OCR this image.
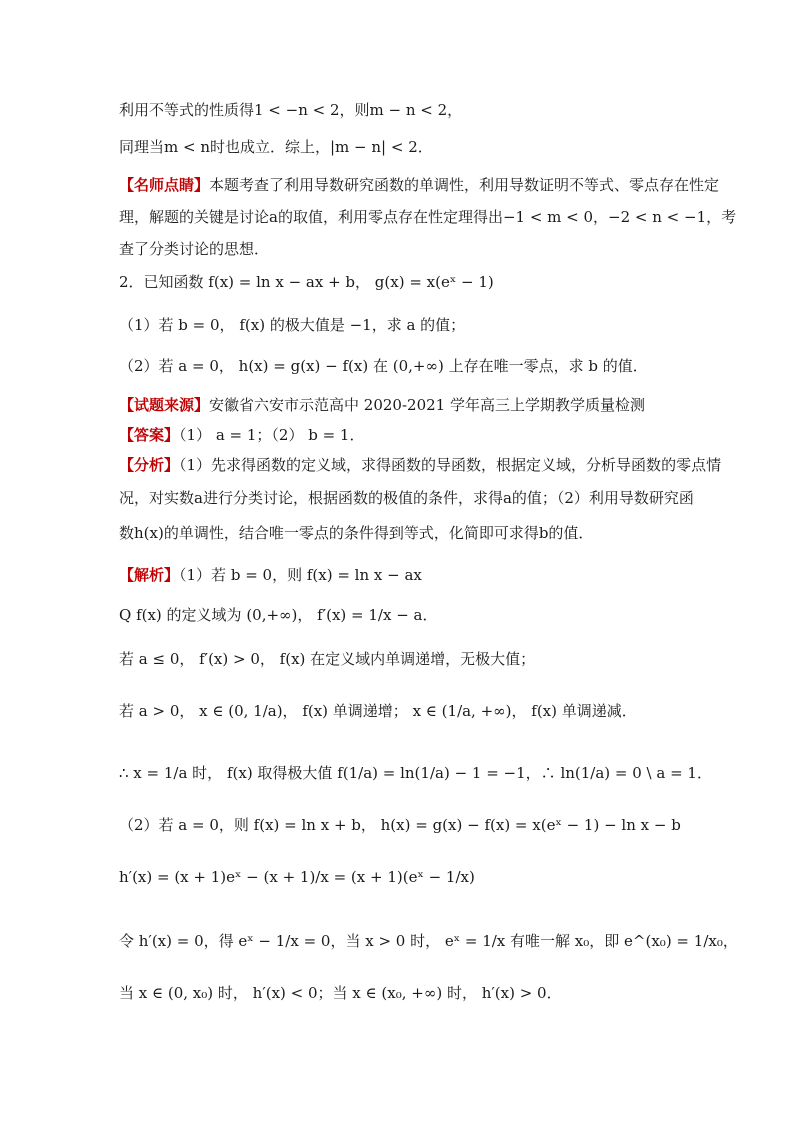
利用不等式的性质得1 < −n < 2，则m − n < 2，
同理当m < n时也成立．综上，|m − n| < 2．
【名师点睛】本题考查了利用导数研究函数的单调性，利用导数证明不等式、零点存在性定
理，解题的关键是讨论a的取值，利用零点存在性定理得出−1 < m < 0，−2 < n < −1，考
查了分类讨论的思想．
2．已知函数 f(x) = ln x − ax + b， g(x) = x(eˣ − 1)
（1）若 b = 0， f(x) 的极大值是 −1，求 a 的值；
（2）若 a = 0， h(x) = g(x) − f(x) 在 (0,+∞) 上存在唯一零点，求 b 的值．
【试题来源】安徽省六安市示范高中 2020-2021 学年高三上学期教学质量检测
【答案】（1） a = 1；（2） b = 1．
【分析】（1）先求得函数的定义域，求得函数的导函数，根据定义域，分析导函数的零点情
况，对实数a进行分类讨论，根据函数的极值的条件，求得a的值；（2）利用导数研究函
数h(x)的单调性，结合唯一零点的条件得到等式，化简即可求得b的值．
【解析】（1）若 b = 0，则 f(x) = ln x − ax
Q f(x) 的定义域为 (0,+∞)， f′(x) = 1/x − a．
若 a ≤ 0， f′(x) > 0， f(x) 在定义域内单调递增，无极大值；
若 a > 0， x ∈ (0, 1/a)， f(x) 单调递增； x ∈ (1/a, +∞)， f(x) 单调递减．
∴ x = 1/a 时， f(x) 取得极大值 f(1/a) = ln(1/a) − 1 = −1，∴ ln(1/a) = 0 \ a = 1．
（2）若 a = 0，则 f(x) = ln x + b， h(x) = g(x) − f(x) = x(eˣ − 1) − ln x − b
h′(x) = (x + 1)eˣ − (x + 1)/x = (x + 1)(eˣ − 1/x)
令 h′(x) = 0，得 eˣ − 1/x = 0，当 x > 0 时， eˣ = 1/x 有唯一解 x₀，即 e^(x₀) = 1/x₀，
当 x ∈ (0, x₀) 时， h′(x) < 0；当 x ∈ (x₀, +∞) 时， h′(x) > 0．
